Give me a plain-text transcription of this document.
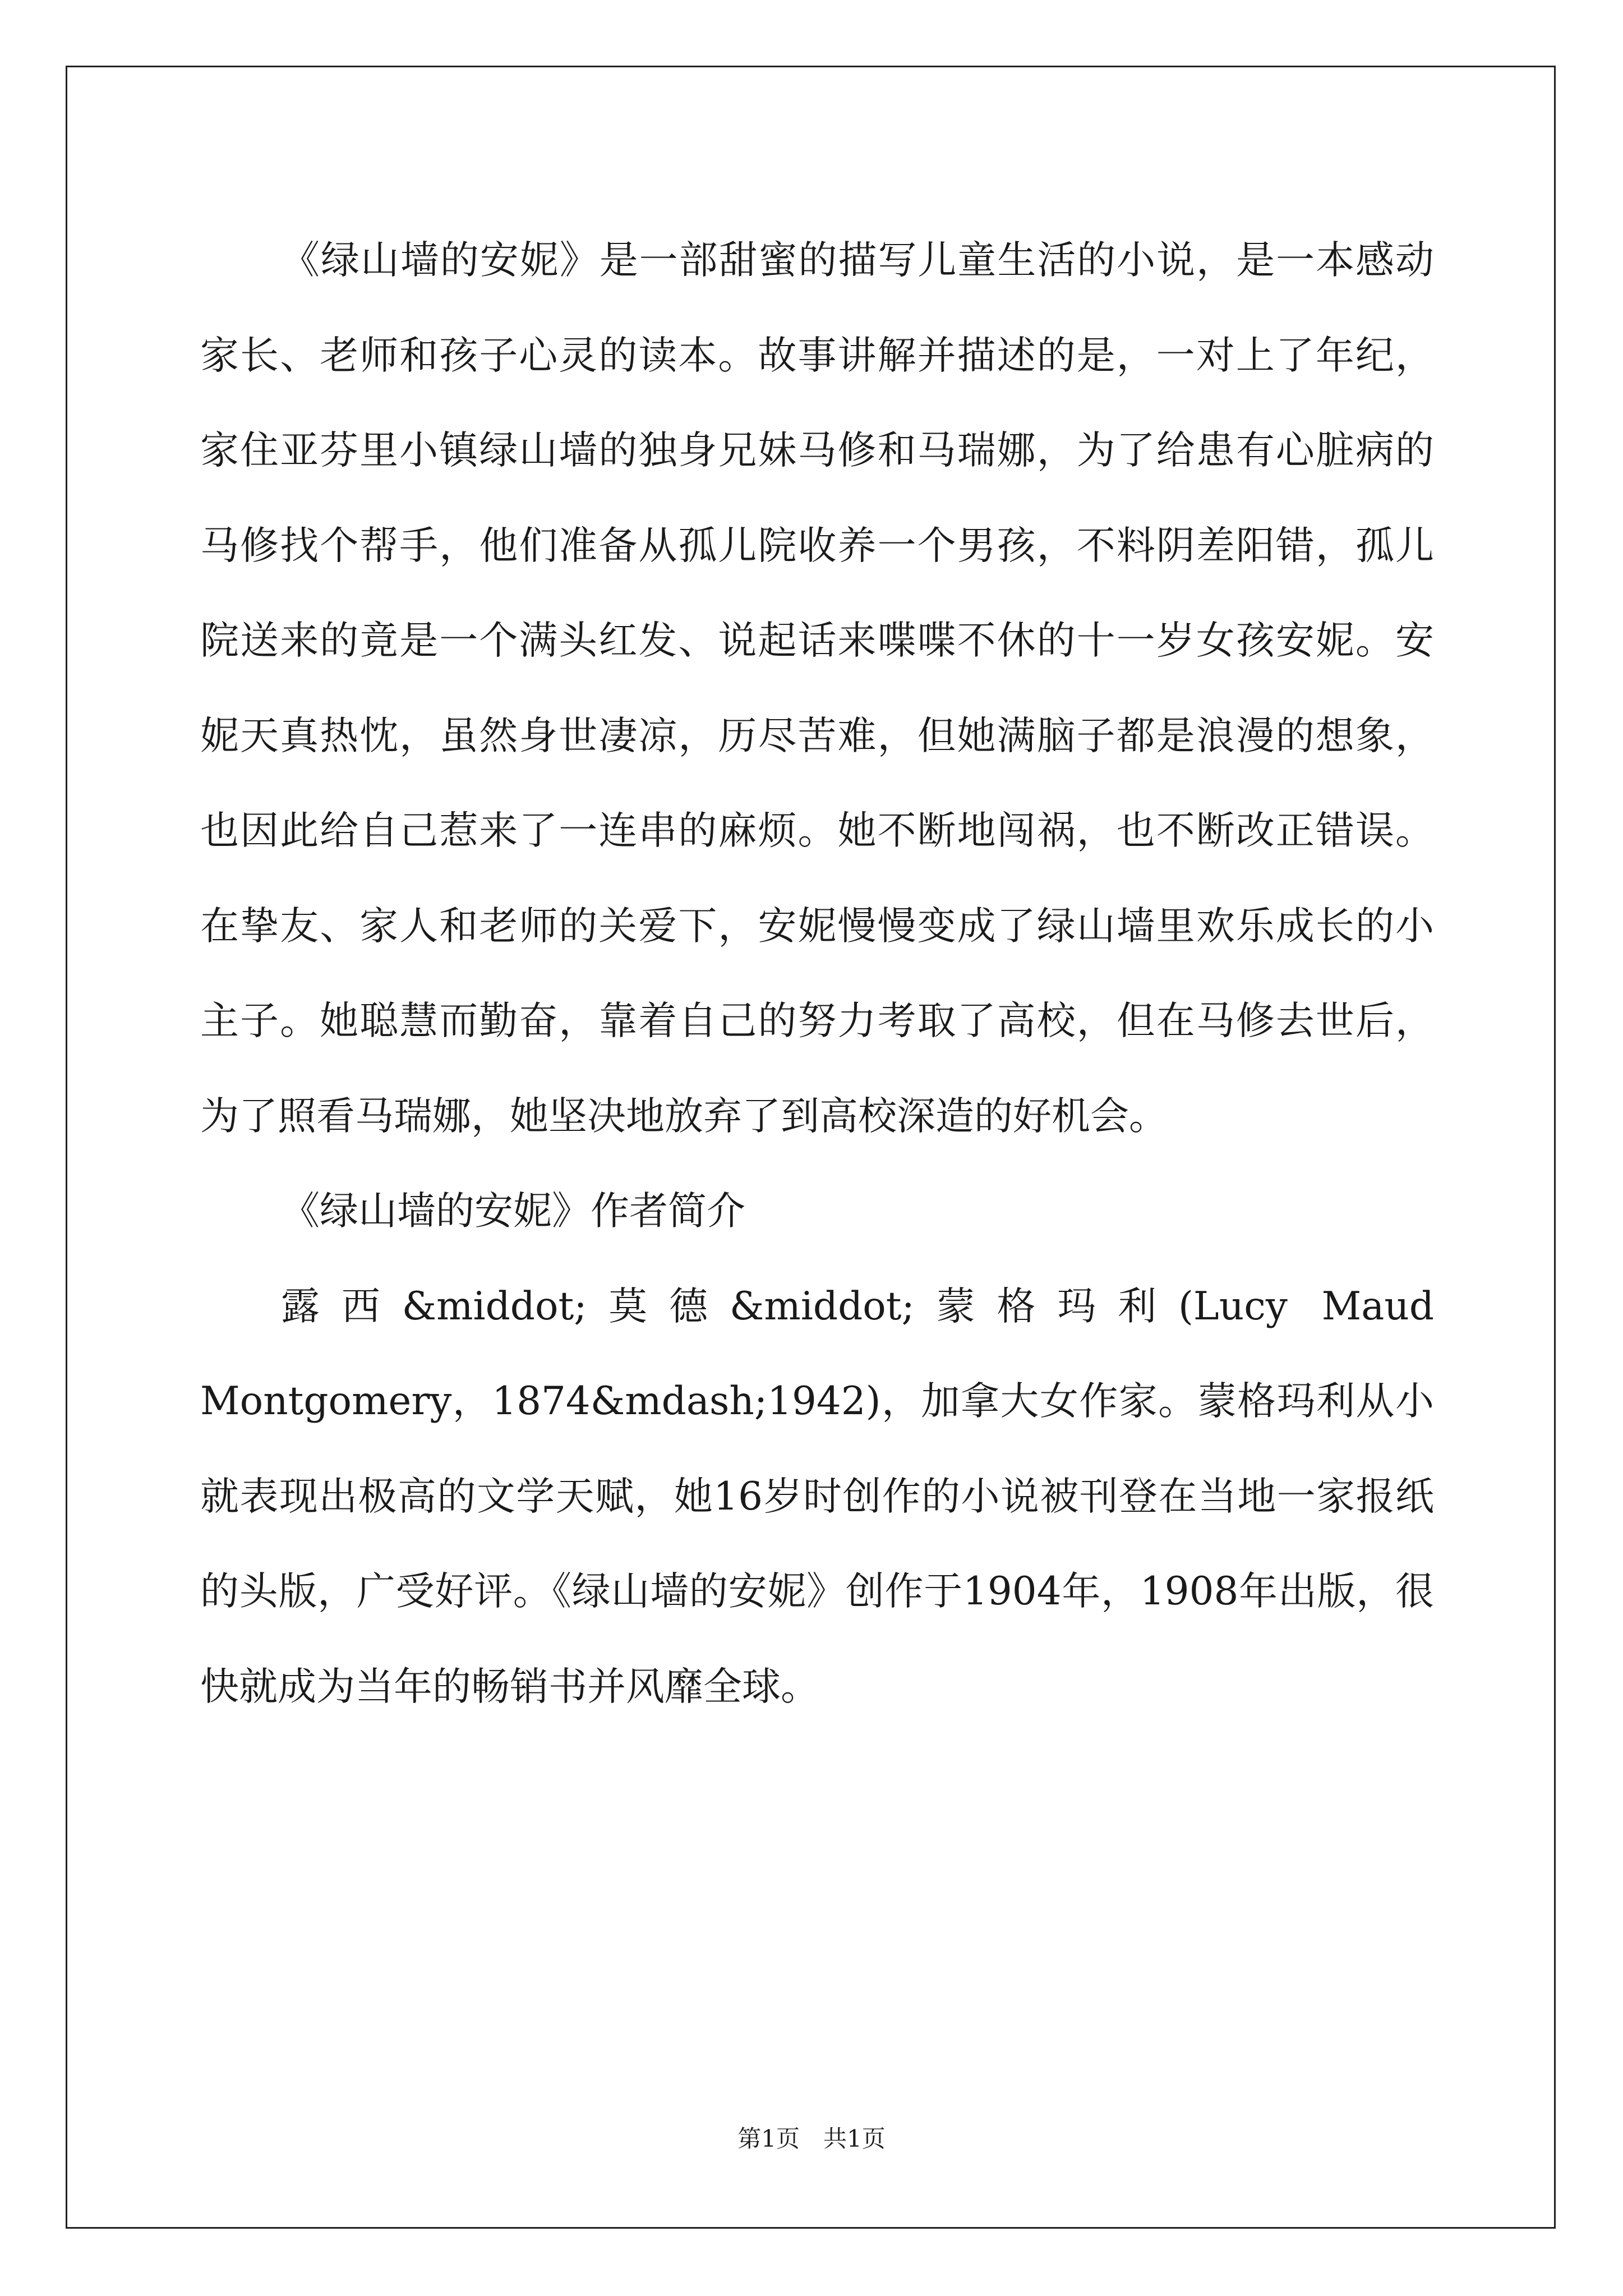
《绿山墙的安妮》是一部甜蜜的描写儿童生活的小说，是一本感动家长、老师和孩子心灵的读本。故事讲解并描述的是，一对上了年纪，家住亚芬里小镇绿山墙的独身兄妹马修和马瑞娜，为了给患有心脏病的马修找个帮手，他们准备从孤儿院收养一个男孩，不料阴差阳错，孤儿院送来的竟是一个满头红发、说起话来喋喋不休的十一岁女孩安妮。安妮天真热忱，虽然身世凄凉，历尽苦难，但她满脑子都是浪漫的想象，也因此给自己惹来了一连串的麻烦。她不断地闯祸，也不断改正错误。在挚友、家人和老师的关爱下，安妮慢慢变成了绿山墙里欢乐成长的小主子。她聪慧而勤奋，靠着自己的努力考取了高校，但在马修去世后，为了照看马瑞娜，她坚决地放弃了到高校深造的好机会。

《绿山墙的安妮》作者简介

露西&middot;莫德&middot;蒙格玛利(Lucy Maud Montgomery，1874&mdash;1942)，加拿大女作家。蒙格玛利从小就表现出极高的文学天赋，她16岁时创作的小说被刊登在当地一家报纸的头版，广受好评。《绿山墙的安妮》创作于1904年，1908年出版，很快就成为当年的畅销书并风靡全球。

第1页　共1页
